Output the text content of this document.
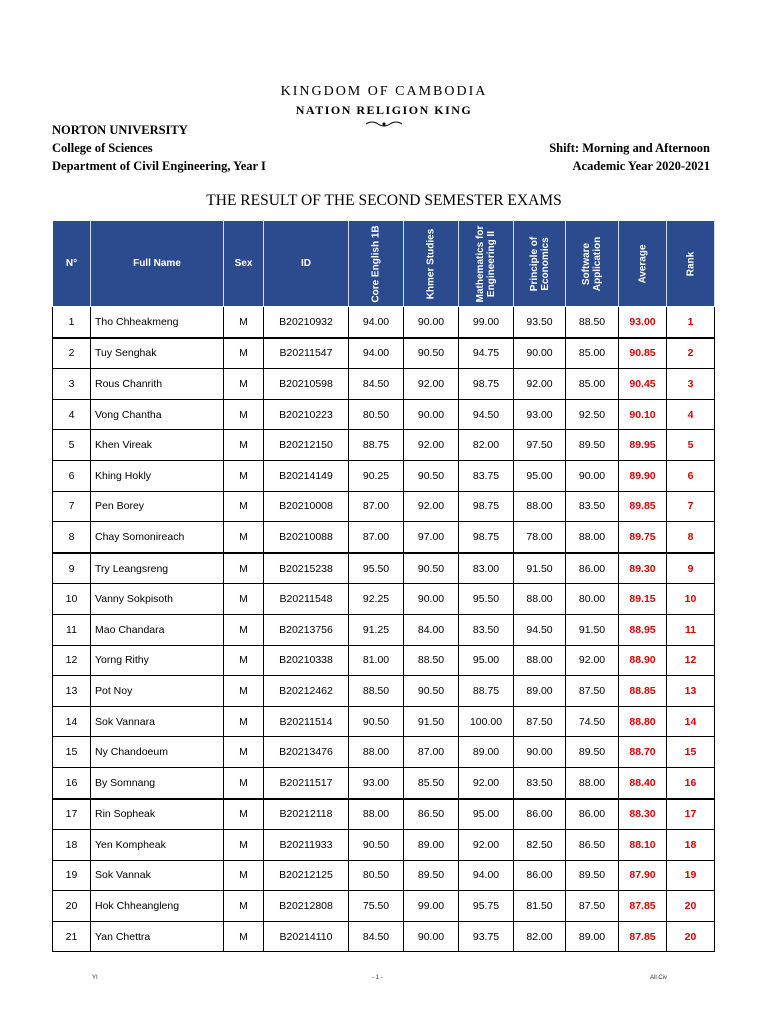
KINGDOM OF CAMBODIA
NATION RELIGION KING
NORTON UNIVERSITY
College of Sciences
Department of Civil Engineering, Year I
Shift: Morning and Afternoon
Academic Year 2020-2021
THE RESULT OF THE SECOND SEMESTER EXAMS
N°	Full Name	Sex	ID	Core English 1B	Khmer Studies	Mathematics for
Engineering II	Principle of
Economics	Software
Application	Average	Rank

1	Tho Chheakmeng	M	B20210932	94.00	90.00	99.00	93.50	88.50	93.00	1
2	Tuy Senghak	M	B20211547	94.00	90.50	94.75	90.00	85.00	90.85	2
3	Rous Chanrith	M	B20210598	84.50	92.00	98.75	92.00	85.00	90.45	3
4	Vong Chantha	M	B20210223	80.50	90.00	94.50	93.00	92.50	90.10	4
5	Khen Vireak	M	B20212150	88.75	92.00	82.00	97.50	89.50	89.95	5
6	Khing Hokly	M	B20214149	90.25	90.50	83.75	95.00	90.00	89.90	6
7	Pen Borey	M	B20210008	87.00	92.00	98.75	88.00	83.50	89.85	7
8	Chay Somonireach	M	B20210088	87.00	97.00	98.75	78.00	88.00	89.75	8
9	Try Leangsreng	M	B20215238	95.50	90.50	83.00	91.50	86.00	89.30	9
10	Vanny Sokpisoth	M	B20211548	92.25	90.00	95.50	88.00	80.00	89.15	10
11	Mao Chandara	M	B20213756	91.25	84.00	83.50	94.50	91.50	88.95	11
12	Yorng Rithy	M	B20210338	81.00	88.50	95.00	88.00	92.00	88.90	12
13	Pot Noy	M	B20212462	88.50	90.50	88.75	89.00	87.50	88.85	13
14	Sok Vannara	M	B20211514	90.50	91.50	100.00	87.50	74.50	88.80	14
15	Ny Chandoeum	M	B20213476	88.00	87.00	89.00	90.00	89.50	88.70	15
16	By Somnang	M	B20211517	93.00	85.50	92.00	83.50	88.00	88.40	16
17	Rin Sopheak	M	B20212118	88.00	86.50	95.00	86.00	86.00	88.30	17
18	Yen Kompheak	M	B20211933	90.50	89.00	92.00	82.50	86.50	88.10	18
19	Sok Vannak	M	B20212125	80.50	89.50	94.00	86.00	89.50	87.90	19
20	Hok Chheangleng	M	B20212808	75.50	99.00	95.75	81.50	87.50	87.85	20
21	Yan Chettra	M	B20214110	84.50	90.00	93.75	82.00	89.00	87.85	20
YI	- 1 -	All Civ
